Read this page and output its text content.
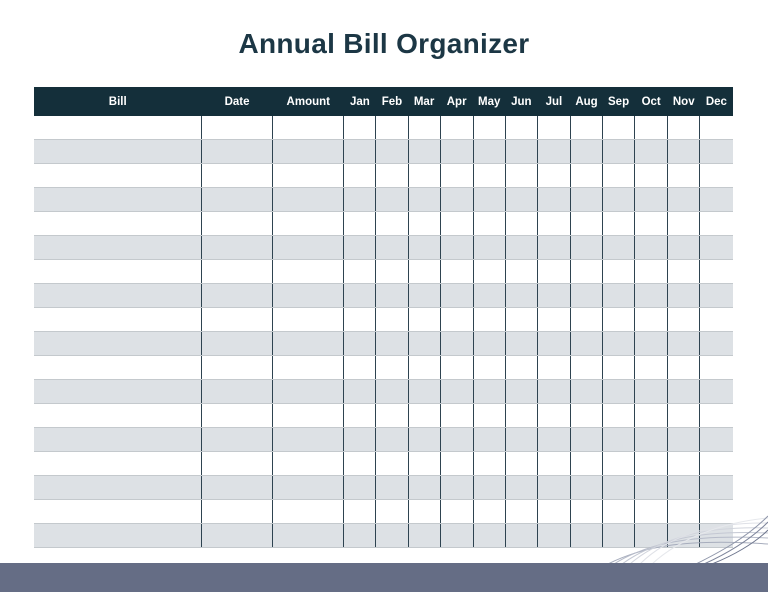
Annual Bill Organizer
Bill	Date	Amount	Jan	Feb	Mar	Apr	May	Jun	Jul	Aug	Sep	Oct	Nov	Dec
